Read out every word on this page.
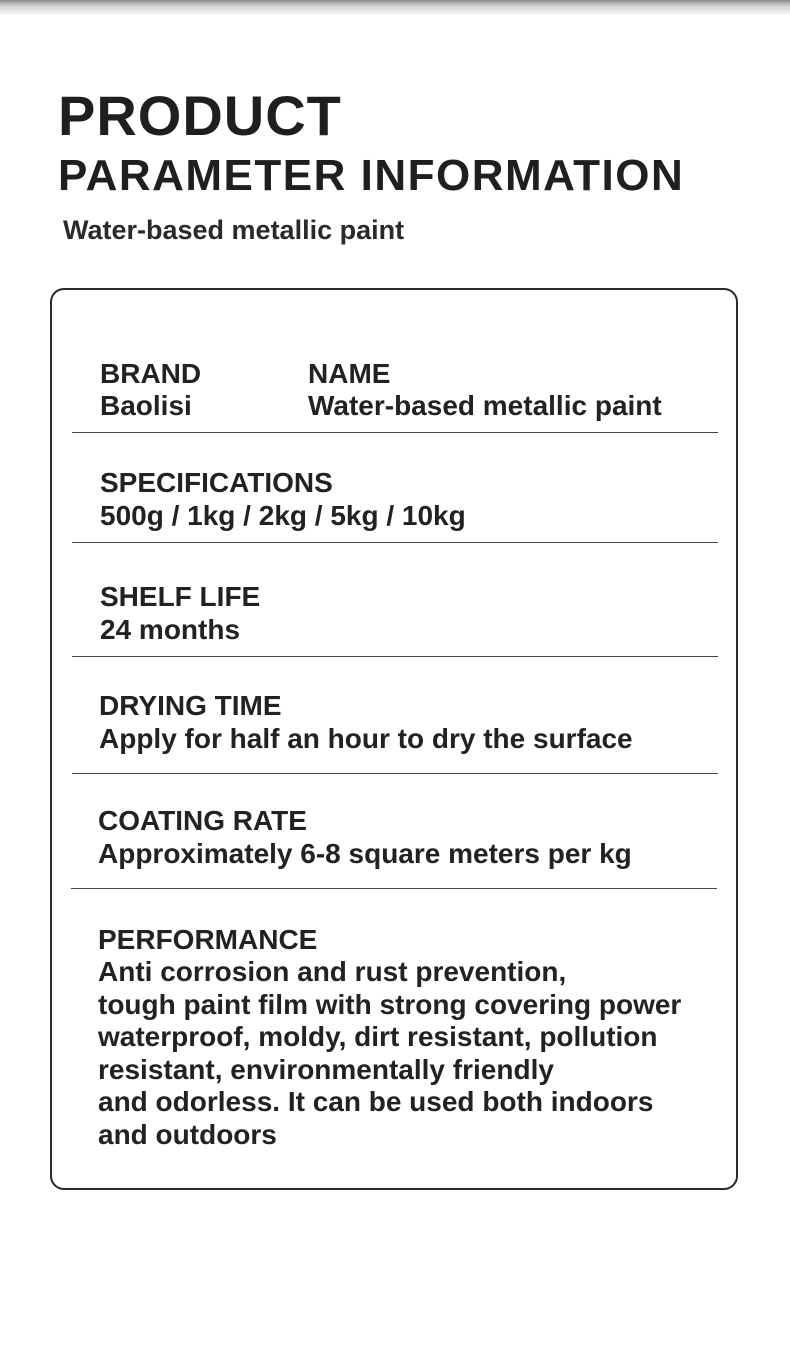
PRODUCT
PARAMETER INFORMATION
Water-based metallic paint
BRAND
Baolisi
NAME
Water-based metallic paint
SPECIFICATIONS
500g / 1kg / 2kg / 5kg / 10kg
SHELF LIFE
24 months
DRYING TIME
Apply for half an hour to dry the surface
COATING RATE
Approximately 6-8 square meters per kg
PERFORMANCE
Anti corrosion and rust prevention,
tough paint film with strong covering power
waterproof, moldy, dirt resistant, pollution
resistant, environmentally friendly
and odorless. It can be used both indoors
and outdoors
